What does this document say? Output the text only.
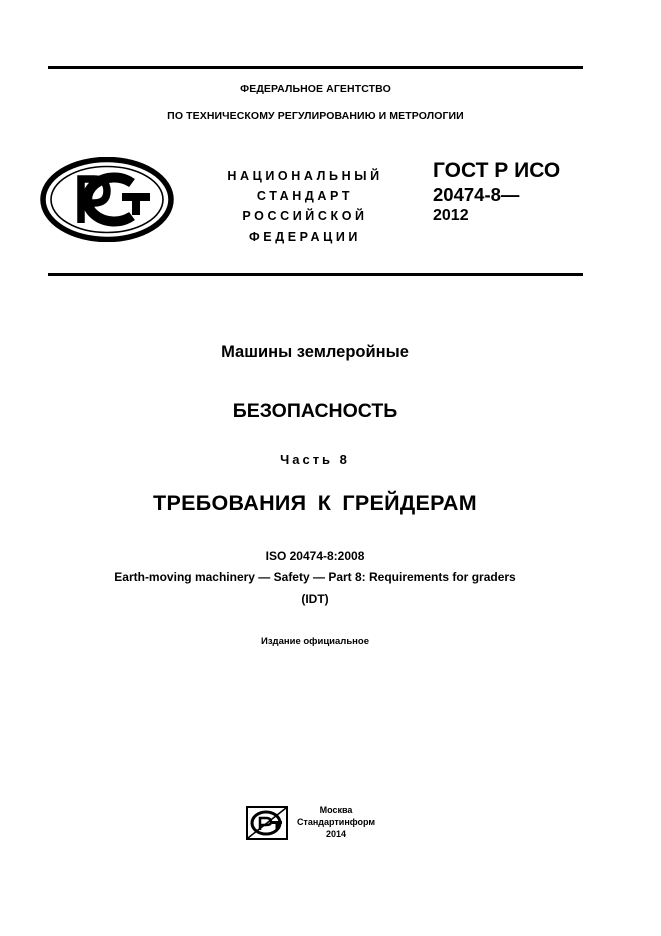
ФЕДЕРАЛЬНОЕ АГЕНТСТВО
ПО ТЕХНИЧЕСКОМУ РЕГУЛИРОВАНИЮ И МЕТРОЛОГИИ
НАЦИОНАЛЬНЫЙ
СТАНДАРТ
РОССИЙСКОЙ
ФЕДЕРАЦИИ
ГОСТ Р ИСО
20474-8—
2012
Машины землеройные
БЕЗОПАСНОСТЬ
Часть 8
ТРЕБОВАНИЯ К ГРЕЙДЕРАМ
ISO 20474-8:2008
Earth-moving machinery — Safety — Part 8: Requirements for graders
(IDT)
Издание официальное
Москва
Стандартинформ
2014
